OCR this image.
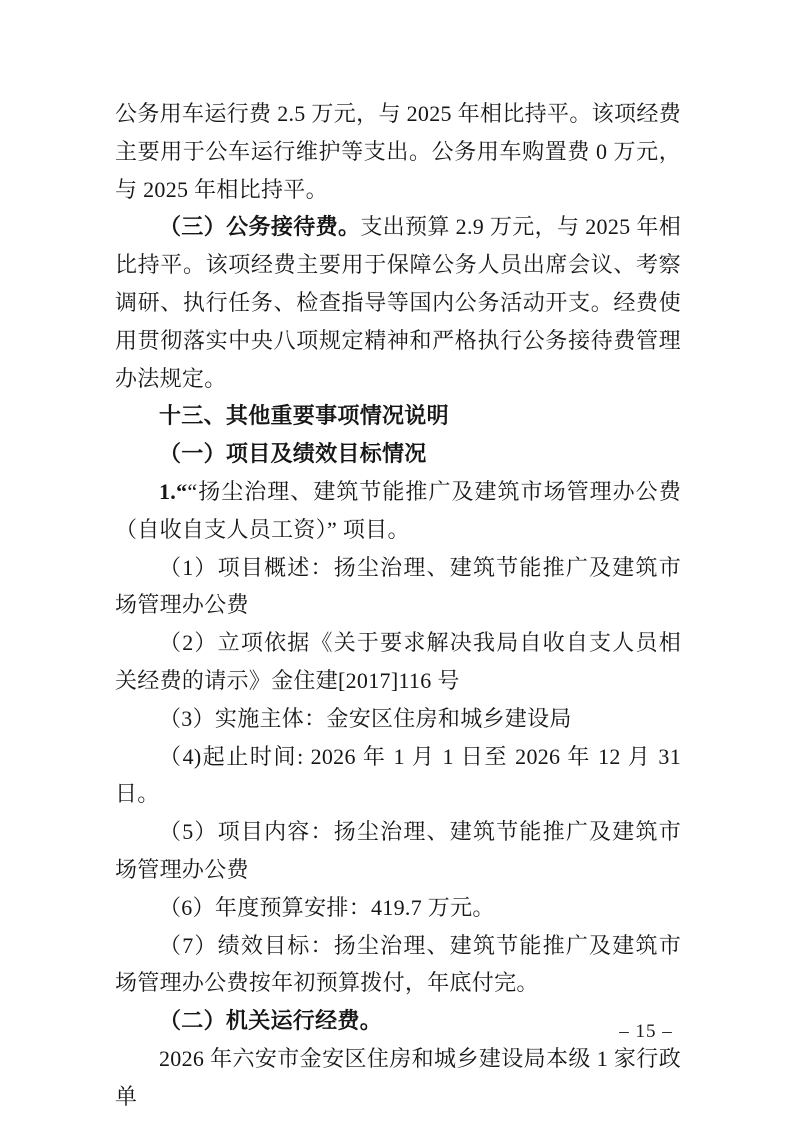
公务用车运行费 2.5 万元，与 2025 年相比持平。该项经费主要用于公车运行维护等支出。公务用车购置费 0 万元，与 2025 年相比持平。

（三）公务接待费。支出预算 2.9 万元，与 2025 年相比持平。该项经费主要用于保障公务人员出席会议、考察调研、执行任务、检查指导等国内公务活动开支。经费使用贯彻落实中央八项规定精神和严格执行公务接待费管理办法规定。

十三、其他重要事项情况说明

（一）项目及绩效目标情况

1.““扬尘治理、建筑节能推广及建筑市场管理办公费（自收自支人员工资）” 项目。

（1）项目概述：扬尘治理、建筑节能推广及建筑市场管理办公费

（2）立项依据《关于要求解决我局自收自支人员相关经费的请示》金住建[2017]116 号

（3）实施主体：金安区住房和城乡建设局

（4)起止时间: 2026 年 1 月 1 日至 2026 年 12 月 31 日。

（5）项目内容：扬尘治理、建筑节能推广及建筑市场管理办公费

（6）年度预算安排：419.7 万元。

（7）绩效目标：扬尘治理、建筑节能推广及建筑市场管理办公费按年初预算拨付，年底付完。

（二）机关运行经费。

2026 年六安市金安区住房和城乡建设局本级 1 家行政单

– 15 –
